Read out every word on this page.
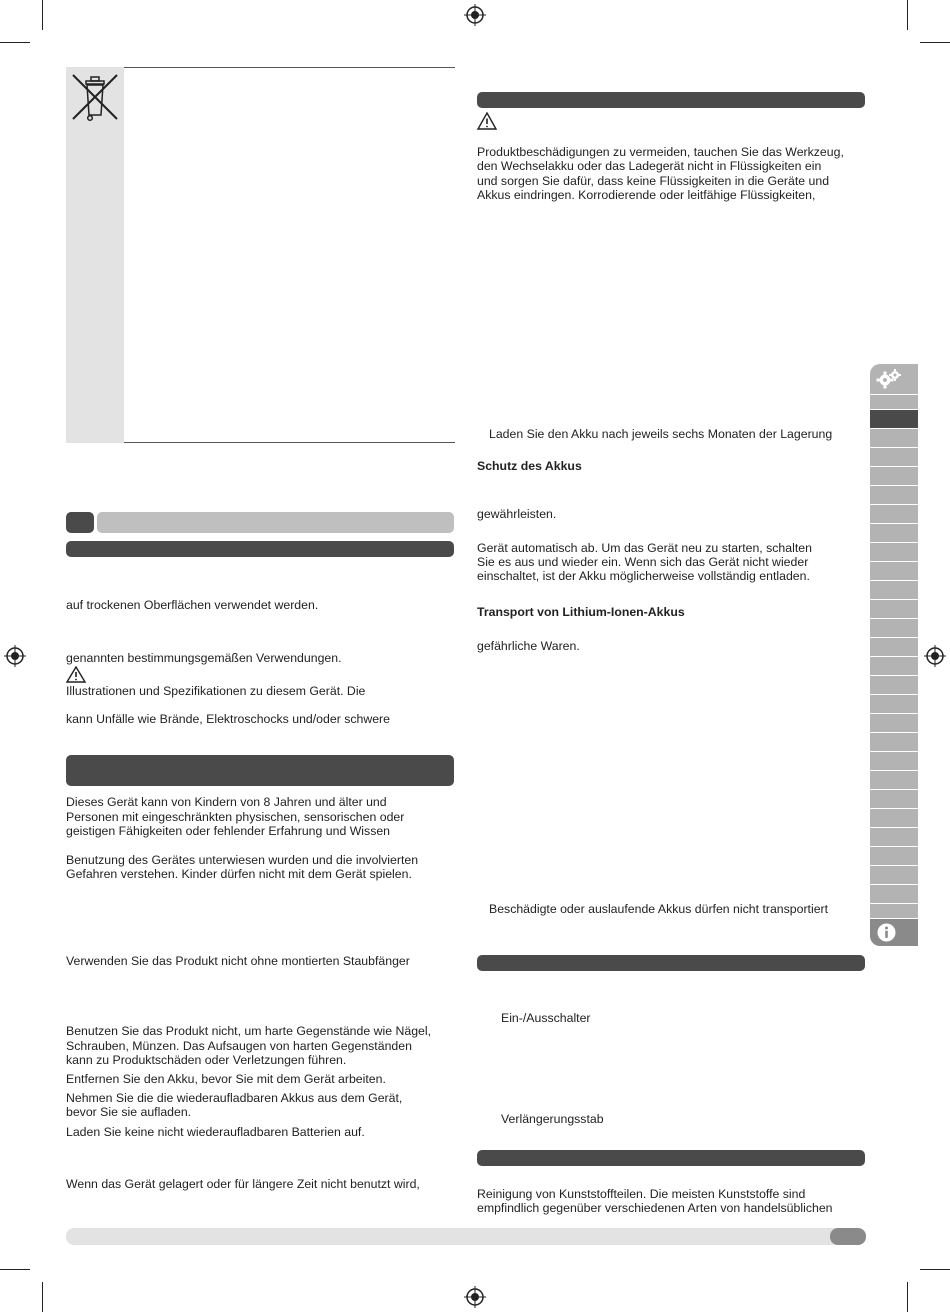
auf trockenen Oberflächen verwendet werden.
genannten bestimmungsgemäßen Verwendungen.
Illustrationen und Spezifikationen zu diesem Gerät. Die
kann Unfälle wie Brände, Elektroschocks und/oder schwere
Dieses Gerät kann von Kindern von 8 Jahren und älter und
Personen mit eingeschränkten physischen, sensorischen oder
geistigen Fähigkeiten oder fehlender Erfahrung und Wissen
Benutzung des Gerätes unterwiesen wurden und die involvierten
Gefahren verstehen. Kinder dürfen nicht mit dem Gerät spielen.
Verwenden Sie das Produkt nicht ohne montierten Staubfänger
Benutzen Sie das Produkt nicht, um harte Gegenstände wie Nägel,
Schrauben, Münzen. Das Aufsaugen von harten Gegenständen
kann zu Produktschäden oder Verletzungen führen.
Entfernen Sie den Akku, bevor Sie mit dem Gerät arbeiten.
Nehmen Sie die die wiederaufladbaren Akkus aus dem Gerät,
bevor Sie sie aufladen.
Laden Sie keine nicht wiederaufladbaren Batterien auf.
Wenn das Gerät gelagert oder für längere Zeit nicht benutzt wird,
Produktbeschädigungen zu vermeiden, tauchen Sie das Werkzeug,
den Wechselakku oder das Ladegerät nicht in Flüssigkeiten ein
und sorgen Sie dafür, dass keine Flüssigkeiten in die Geräte und
Akkus eindringen. Korrodierende oder leitfähige Flüssigkeiten,
Laden Sie den Akku nach jeweils sechs Monaten der Lagerung
Schutz des Akkus
gewährleisten.
Gerät automatisch ab. Um das Gerät neu zu starten, schalten
Sie es aus und wieder ein. Wenn sich das Gerät nicht wieder
einschaltet, ist der Akku möglicherweise vollständig entladen.
Transport von Lithium-Ionen-Akkus
gefährliche Waren.
Beschädigte oder auslaufende Akkus dürfen nicht transportiert
Ein-/Ausschalter
Verlängerungsstab
Reinigung von Kunststoffteilen. Die meisten Kunststoffe sind
empfindlich gegenüber verschiedenen Arten von handelsüblichen
